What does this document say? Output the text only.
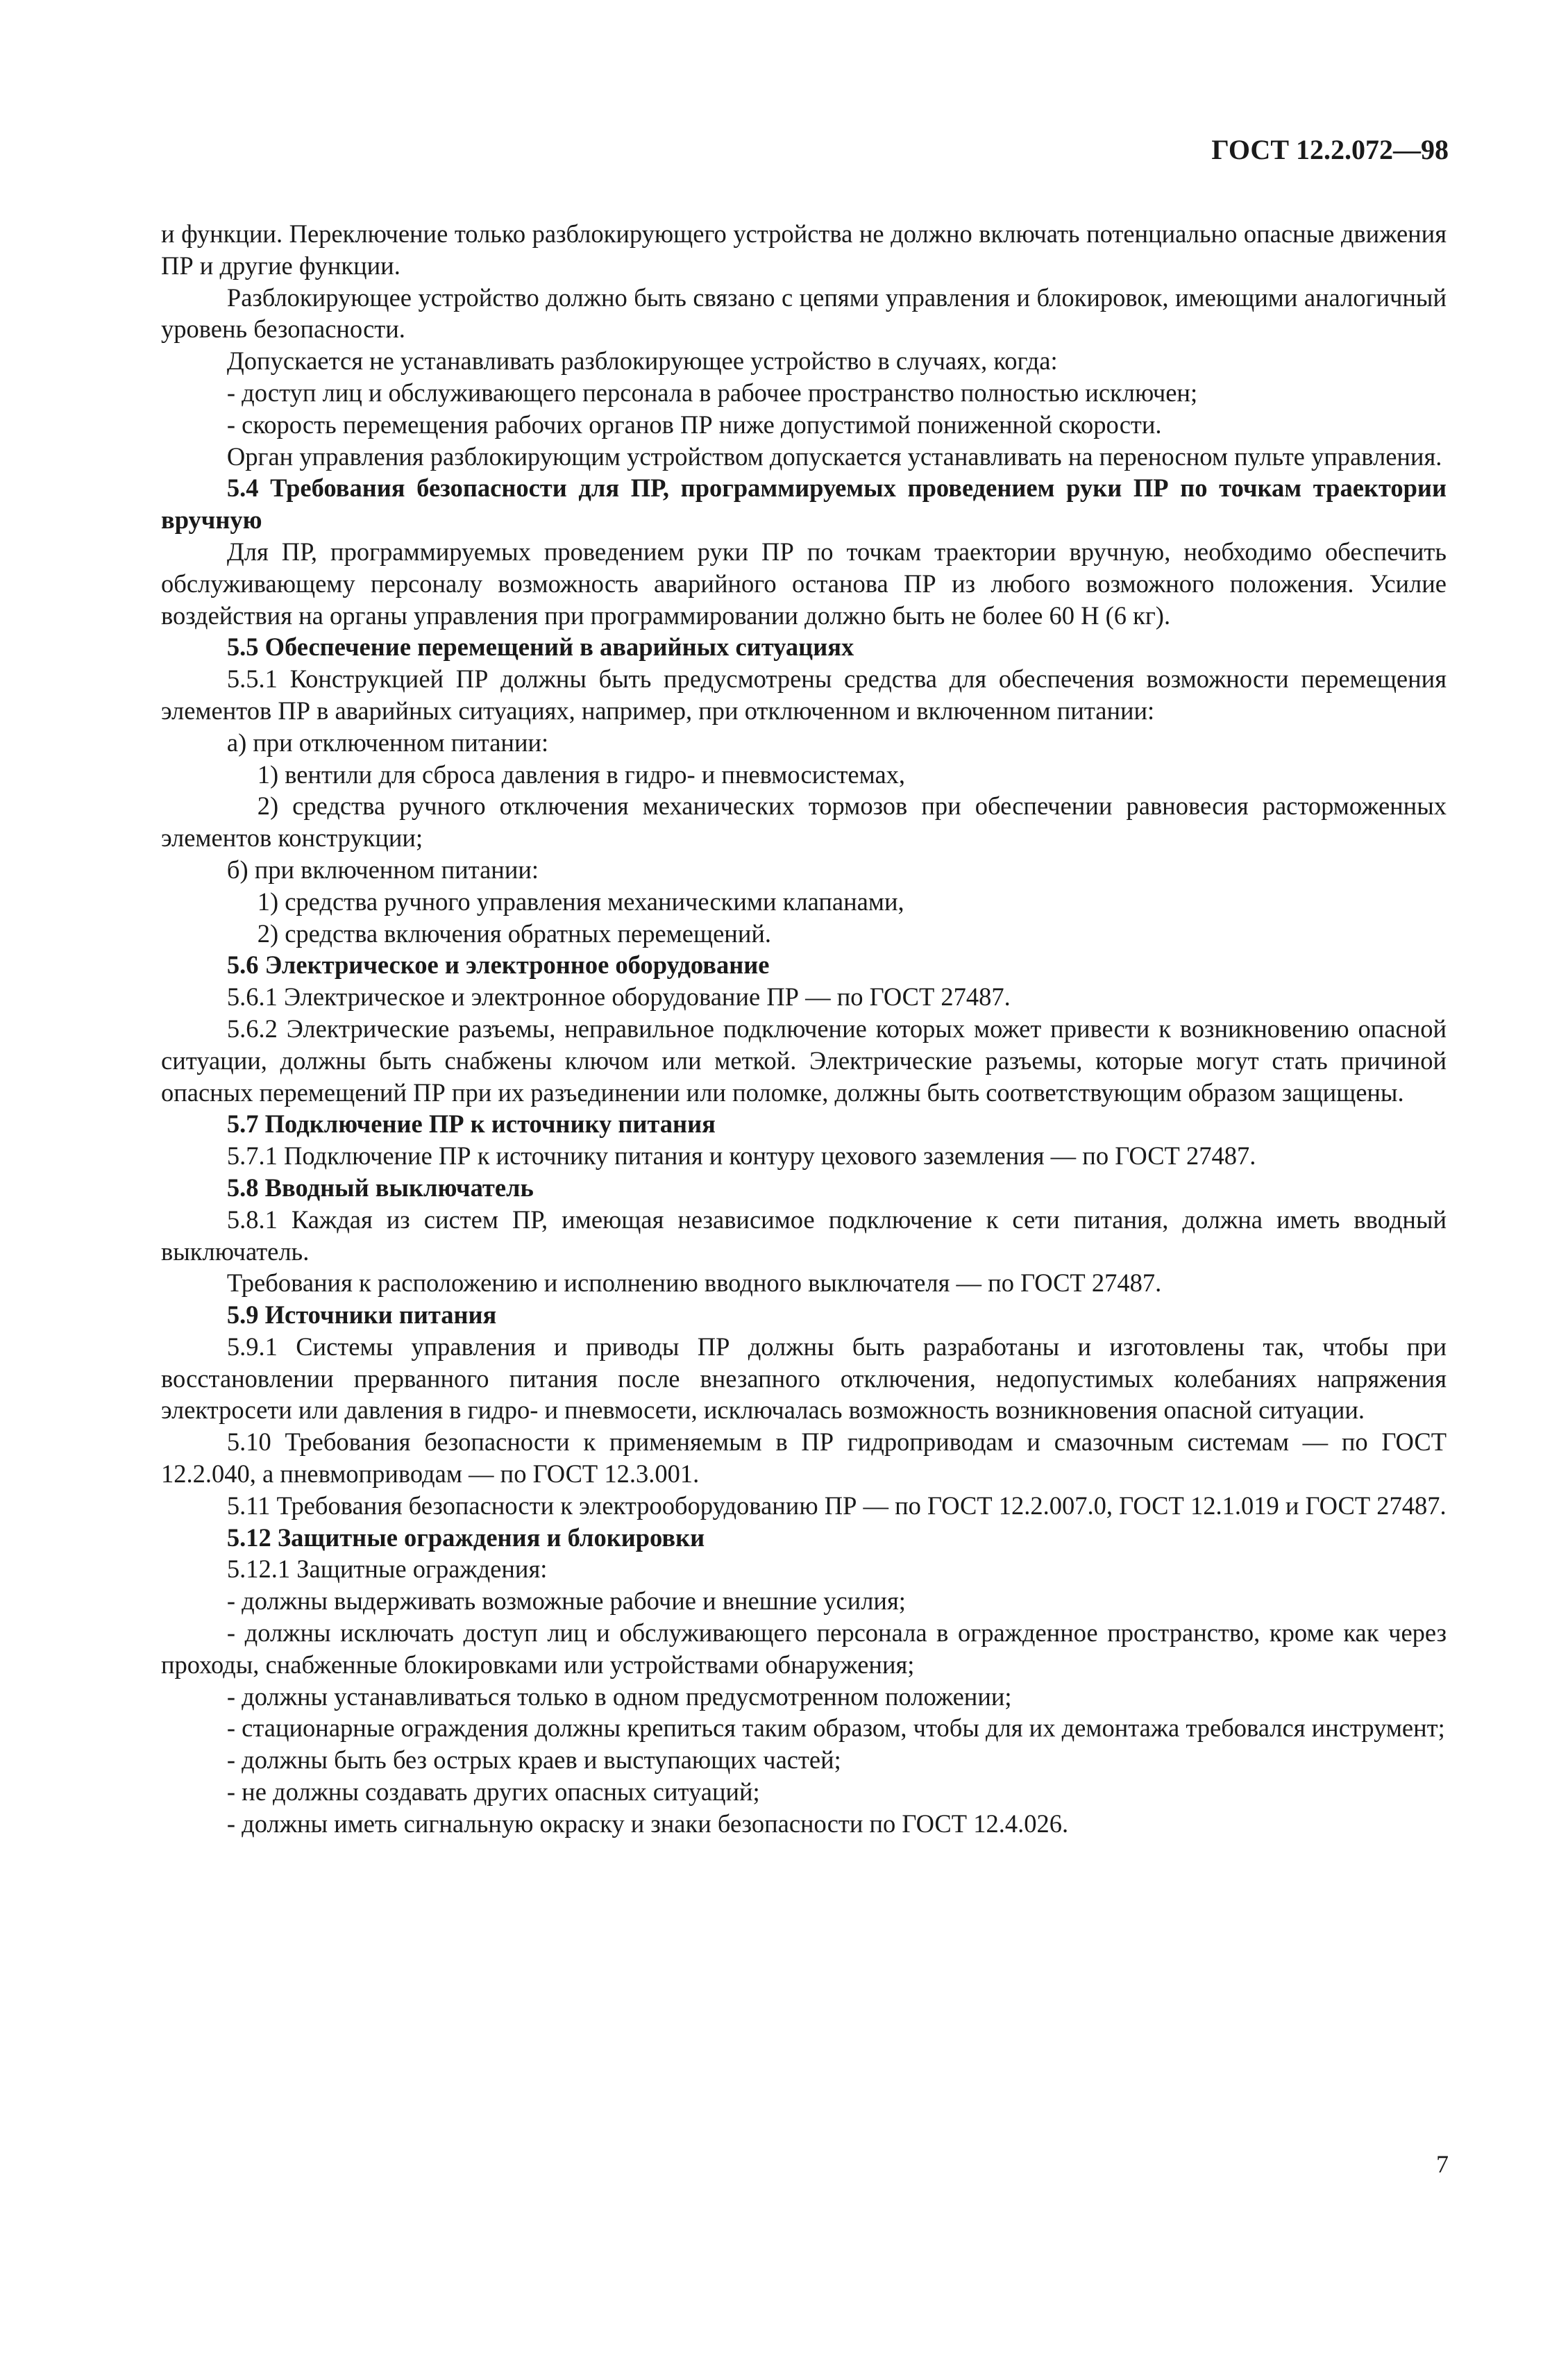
ГОСТ 12.2.072—98

и функции. Переключение только разблокирующего устройства не должно включать потенциально опасные движения ПР и другие функции.

Разблокирующее устройство должно быть связано с цепями управления и блокировок, имеющими аналогичный уровень безопасности.

Допускается не устанавливать разблокирующее устройство в случаях, когда:

- доступ лиц и обслуживающего персонала в рабочее пространство полностью исключен;

- скорость перемещения рабочих органов ПР ниже допустимой пониженной скорости.

Орган управления разблокирующим устройством допускается устанавливать на переносном пульте управления.

5.4 Требования безопасности для ПР, программируемых проведением руки ПР по точкам траектории вручную

Для ПР, программируемых проведением руки ПР по точкам траектории вручную, необходимо обеспечить обслуживающему персоналу возможность аварийного останова ПР из любого возможного положения. Усилие воздействия на органы управления при программировании должно быть не более 60 Н (6 кг).

5.5 Обеспечение перемещений в аварийных ситуациях

5.5.1 Конструкцией ПР должны быть предусмотрены средства для обеспечения возможности перемещения элементов ПР в аварийных ситуациях, например, при отключенном и включенном питании:

а) при отключенном питании:

1) вентили для сброса давления в гидро- и пневмосистемах,

2) средства ручного отключения механических тормозов при обеспечении равновесия расторможенных элементов конструкции;

б) при включенном питании:

1) средства ручного управления механическими клапанами,

2) средства включения обратных перемещений.

5.6 Электрическое и электронное оборудование

5.6.1 Электрическое и электронное оборудование ПР — по ГОСТ 27487.

5.6.2 Электрические разъемы, неправильное подключение которых может привести к возникновению опасной ситуации, должны быть снабжены ключом или меткой. Электрические разъемы, которые могут стать причиной опасных перемещений ПР при их разъединении или поломке, должны быть соответствующим образом защищены.

5.7 Подключение ПР к источнику питания

5.7.1 Подключение ПР к источнику питания и контуру цехового заземления — по ГОСТ 27487.

5.8 Вводный выключатель

5.8.1 Каждая из систем ПР, имеющая независимое подключение к сети питания, должна иметь вводный выключатель.

Требования к расположению и исполнению вводного выключателя — по ГОСТ 27487.

5.9 Источники питания

5.9.1 Системы управления и приводы ПР должны быть разработаны и изготовлены так, чтобы при восстановлении прерванного питания после внезапного отключения, недопустимых колебаниях напряжения электросети или давления в гидро- и пневмосети, исключалась возможность возникновения опасной ситуации.

5.10 Требования безопасности к применяемым в ПР гидроприводам и смазочным системам — по ГОСТ 12.2.040, а пневмоприводам — по ГОСТ 12.3.001.

5.11 Требования безопасности к электрооборудованию ПР — по ГОСТ 12.2.007.0, ГОСТ 12.1.019 и ГОСТ 27487.

5.12 Защитные ограждения и блокировки

5.12.1 Защитные ограждения:

- должны выдерживать возможные рабочие и внешние усилия;

- должны исключать доступ лиц и обслуживающего персонала в огражденное пространство, кроме как через проходы, снабженные блокировками или устройствами обнаружения;

- должны устанавливаться только в одном предусмотренном положении;

- стационарные ограждения должны крепиться таким образом, чтобы для их демонтажа требовался инструмент;

- должны быть без острых краев и выступающих частей;

- не должны создавать других опасных ситуаций;

- должны иметь сигнальную окраску и знаки безопасности по ГОСТ 12.4.026.

7
